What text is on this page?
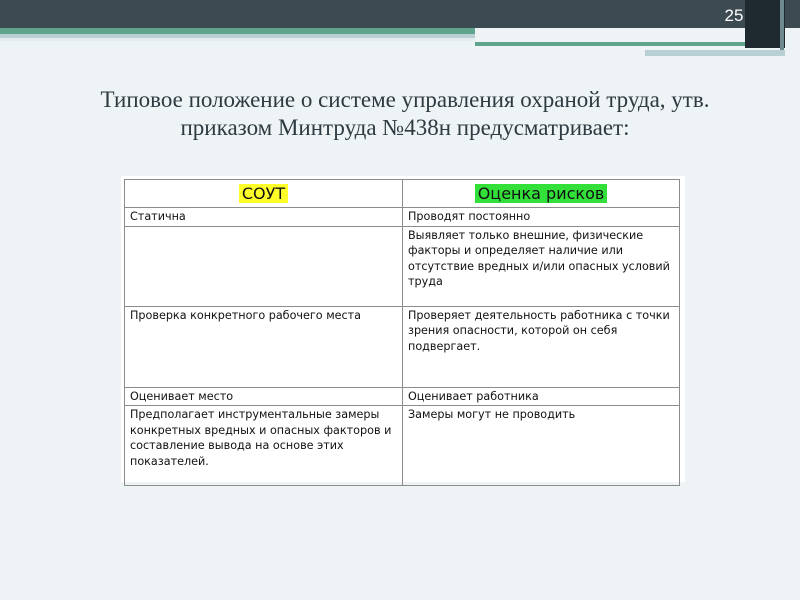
25
Типовое положение о системе управления охраной труда, утв. приказом Минтруда №438н предусматривает:
СОУТ	Оценка рисков
Статична	Проводят постоянно
	Выявляет только внешние, физические факторы и определяет наличие или отсутствие вредных и/или опасных условий труда
Проверка конкретного рабочего места	Проверяет деятельность работника с точки зрения опасности, которой он себя подвергает.
Оценивает место	Оценивает работника
Предполагает инструментальные замеры конкретных вредных и опасных факторов и составление вывода на основе этих показателей.	Замеры могут не проводить
